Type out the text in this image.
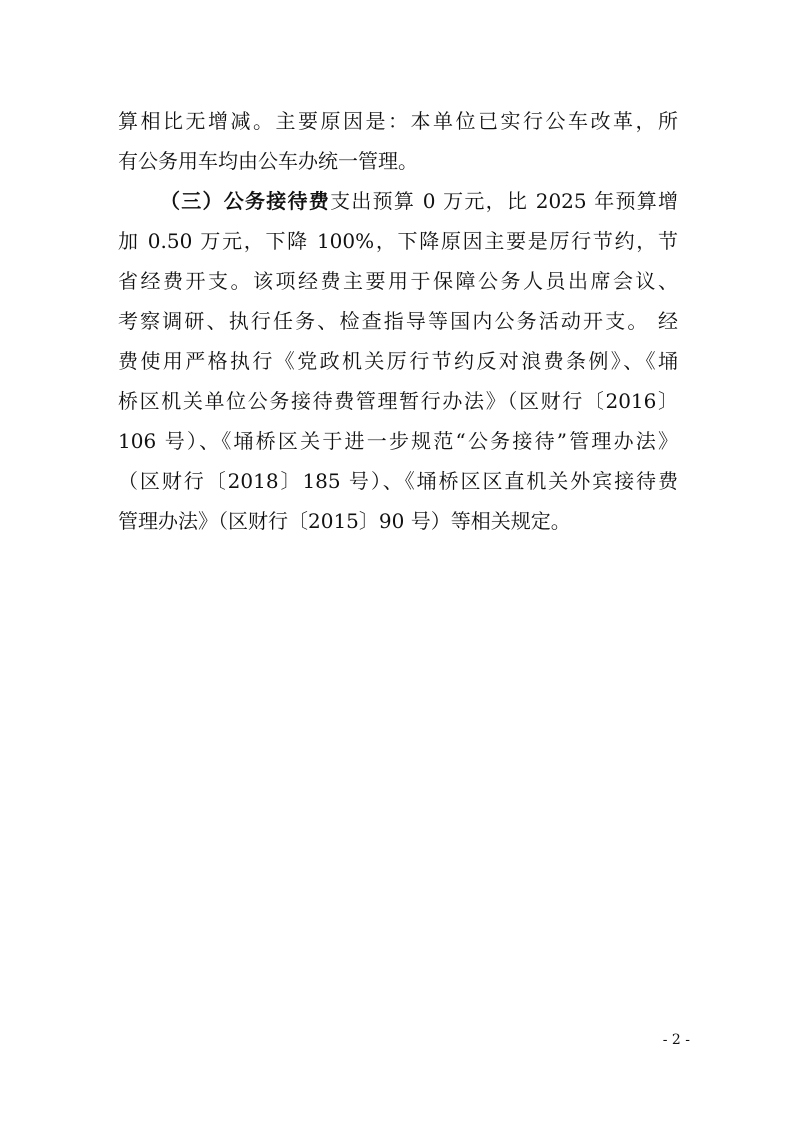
算相比无增减。主要原因是：本单位已实行公车改革，所
有公务用车均由公车办统一管理。
（三）公务接待费支出预算 0 万元，比 2025 年预算增
加 0.50 万元，下降 100%，下降原因主要是厉行节约，节
省经费开支。该项经费主要用于保障公务人员出席会议、
考察调研、执行任务、检查指导等国内公务活动开支。 经
费使用严格执行《党政机关厉行节约反对浪费条例》、《埇
桥区机关单位公务接待费管理暂行办法》（区财行〔2016〕
106 号）、《埇桥区关于进一步规范“公务接待”管理办法》
（区财行〔2018〕185 号）、《埇桥区区直机关外宾接待费
管理办法》（区财行〔2015〕90 号）等相关规定。
- 2 -
